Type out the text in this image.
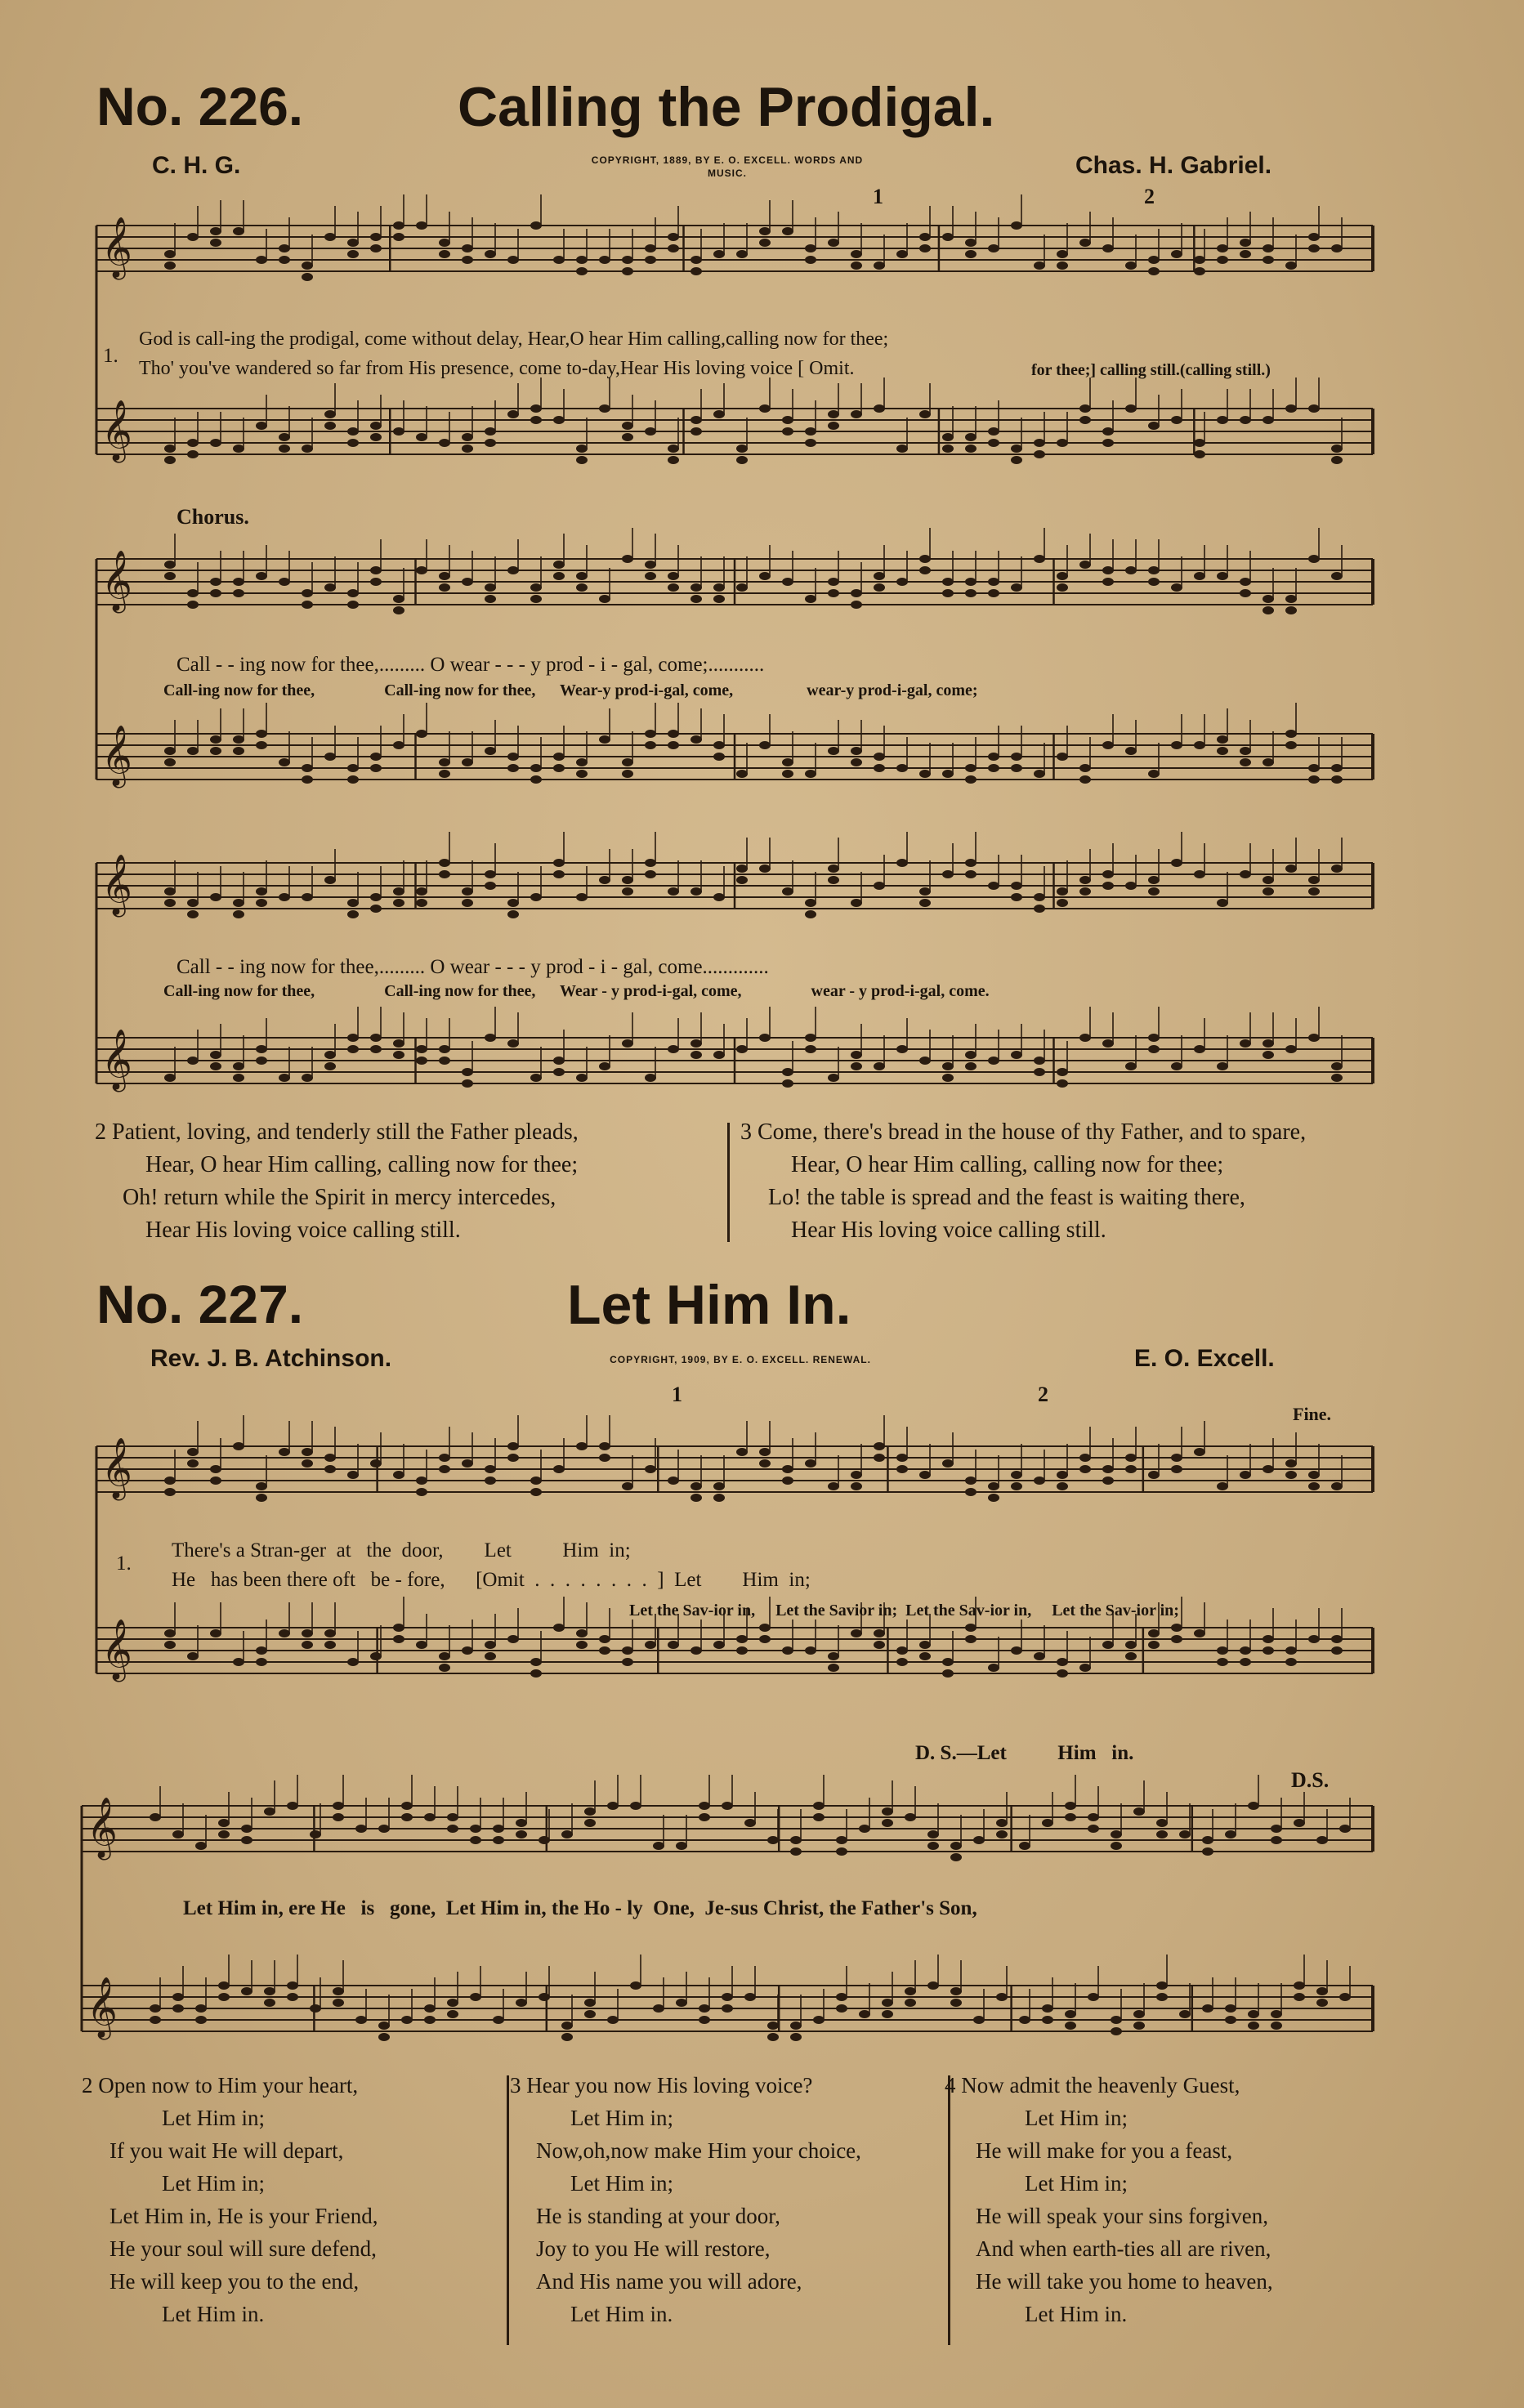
No. 226.	Calling the Prodigal.
C. H. G.	COPYRIGHT, 1889, BY E. O. EXCELL. WORDS AND MUSIC.	Chas. H. Gabriel.
𝄞
𝄞
1	2
1.
God is call-ing the prodigal, come without delay, Hear,O hear Him calling,calling now for thee;
Tho' you've wandered so far from His presence, come to-day,Hear His loving voice [ Omit.	for thee;] calling still.(calling still.)
Chorus.
𝄞
𝄞
Call - - ing now for thee,......... O wear - - - y prod - i - gal, come;...........
Call-ing now for thee,                 Call-ing now for thee,      Wear-y prod-i-gal, come,                  wear-y prod-i-gal, come;
𝄞
𝄞
Call - - ing now for thee,......... O wear - - - y prod - i - gal, come.............
Call-ing now for thee,                 Call-ing now for thee,      Wear - y prod-i-gal, come,                 wear - y prod-i-gal, come.
2 Patient, loving, and tenderly still the Father pleads,
Hear, O hear Him calling, calling now for thee;
Oh! return while the Spirit in mercy intercedes,
Hear His loving voice calling still.
3 Come, there's bread in the house of thy Father, and to spare,
Hear, O hear Him calling, calling now for thee;
Lo! the table is spread and the feast is waiting there,
Hear His loving voice calling still.
No. 227.	Let Him In.
Rev. J. B. Atchinson.	COPYRIGHT, 1909, BY E. O. EXCELL. RENEWAL.	E. O. Excell.
𝄞
𝄞
1	2
Fine.
1.
There's a Stran-ger  at   the  door,        Let          Him  in;
He   has been there oft   be - fore,      [Omit  .  .  .  .  .  .  .  .  ]  Let        Him  in;
Let the Sav-ior in,     Let the Savior in;  Let the Sav-ior in,     Let the Sav-ior in;
D. S.—Let          Him   in.
D.S.
𝄞
𝄞
Let Him in, ere He   is   gone,  Let Him in, the Ho - ly  One,  Je-sus Christ, the Father's Son,
2 Open now to Him your heart,
Let Him in;
If you wait He will depart,
Let Him in;
Let Him in, He is your Friend,
He your soul will sure defend,
He will keep you to the end,
Let Him in.
3 Hear you now His loving voice?
Let Him in;
Now,oh,now make Him your choice,
Let Him in;
He is standing at your door,
Joy to you He will restore,
And His name you will adore,
Let Him in.
4 Now admit the heavenly Guest,
Let Him in;
He will make for you a feast,
Let Him in;
He will speak your sins forgiven,
And when earth-ties all are riven,
He will take you home to heaven,
Let Him in.
